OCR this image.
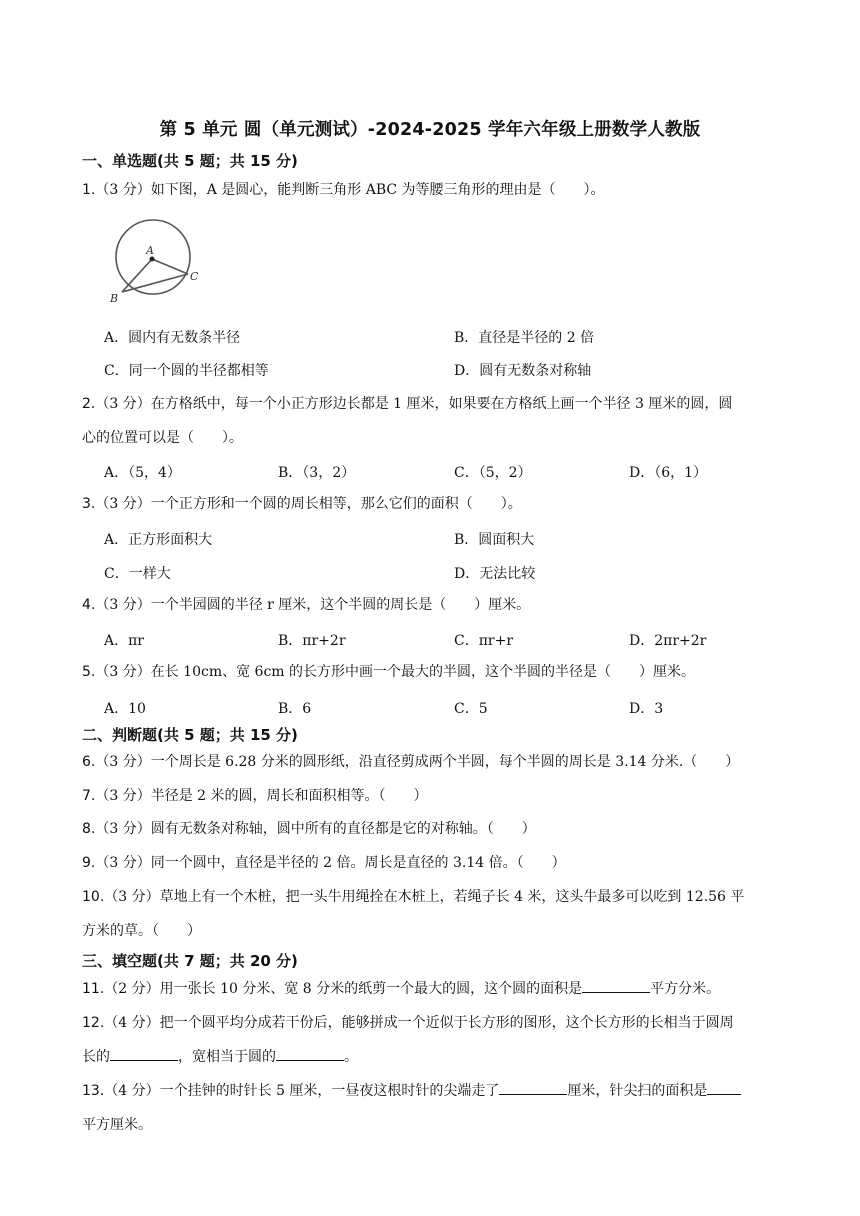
第 5 单元 圆（单元测试）-2024-2025 学年六年级上册数学人教版
一、单选题(共 5 题；共 15 分)
1.（3 分）如下图，A 是圆心，能判断三角形 ABC 为等腰三角形的理由是（　　）。
A
B
C
A．圆内有无数条半径	B．直径是半径的 2 倍
C．同一个圆的半径都相等	D．圆有无数条对称轴
2.（3 分）在方格纸中，每一个小正方形边长都是 1 厘米，如果要在方格纸上画一个半径 3 厘米的圆，圆
心的位置可以是（　　）。
A．（5，4）	B．（3，2）	C．（5，2）	D．（6，1）
3.（3 分）一个正方形和一个圆的周长相等，那么它们的面积（　　）。
A．正方形面积大	B．圆面积大
C．一样大	D．无法比较
4.（3 分）一个半园圆的半径 r 厘米，这个半圆的周长是（　　）厘米。
A．πr	B．πr+2r	C．πr+r	D．2πr+2r
5.（3 分）在长 10cm、宽 6cm 的长方形中画一个最大的半圆，这个半圆的半径是（　　）厘米。
A．10	B．6	C．5	D．3
二、判断题(共 5 题；共 15 分)
6.（3 分）一个周长是 6.28 分米的圆形纸，沿直径剪成两个半圆，每个半圆的周长是 3.14 分米.（　　）
7.（3 分）半径是 2 米的圆，周长和面积相等。（　　）
8.（3 分）圆有无数条对称轴，圆中所有的直径都是它的对称轴。（　　）
9.（3 分）同一个圆中，直径是半径的 2 倍。周长是直径的 3.14 倍。（　　）
10.（3 分）草地上有一个木桩，把一头牛用绳拴在木桩上，若绳子长 4 米，这头牛最多可以吃到 12.56 平
方米的草。（　　）
三、填空题(共 7 题；共 20 分)
11.（2 分）用一张长 10 分米、宽 8 分米的纸剪一个最大的圆，这个圆的面积是	平方分米。
12.（4 分）把一个圆平均分成若干份后，能够拼成一个近似于长方形的图形，这个长方形的长相当于圆周
长的	，宽相当于圆的	。
13.（4 分）一个挂钟的时针长 5 厘米，一昼夜这根时针的尖端走了	厘米，针尖扫的面积是
平方厘米。
